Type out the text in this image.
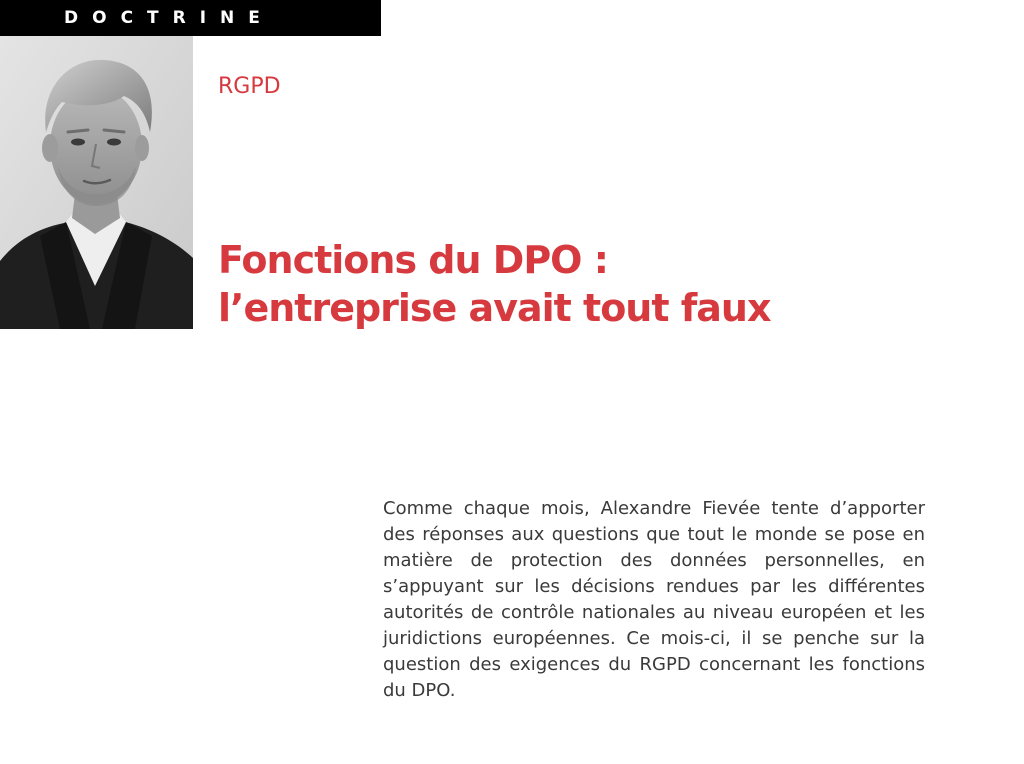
DOCTRINE
RGPD
Fonctions du DPO :
l’entreprise avait tout faux

Comme chaque mois, Alexandre Fievée tente d’apporter des réponses aux questions que tout le monde se pose en matière de protection des données personnelles, en s’appuyant sur les décisions rendues par les différentes autorités de contrôle nationales au niveau européen et les juridictions européennes. Ce mois-ci, il se penche sur la question des exigences du RGPD concernant les fonctions du DPO.
